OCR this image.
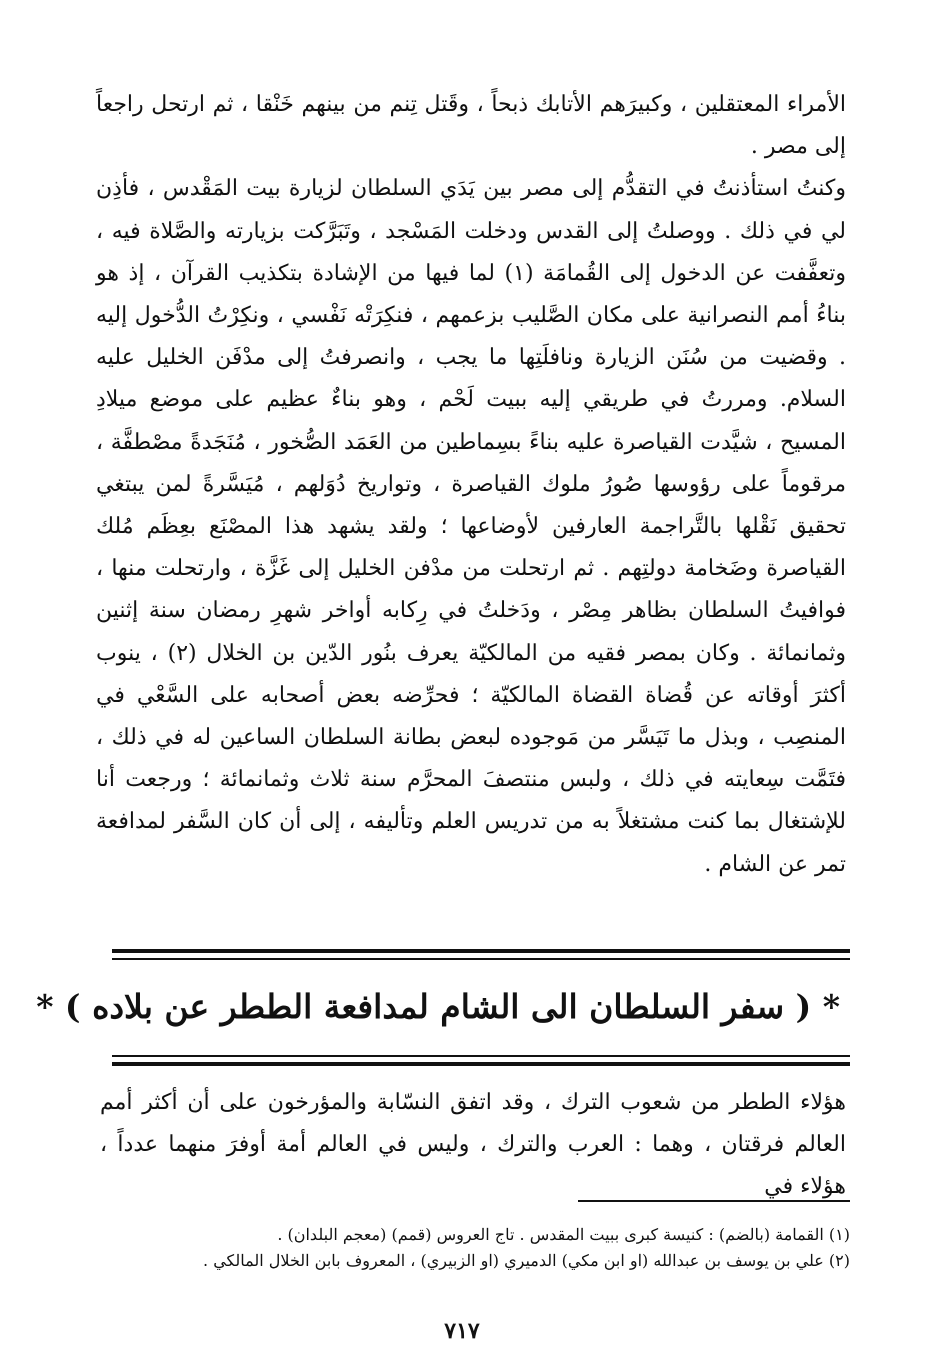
الأمراء المعتقلين ، وكبيرَهم الأتابك ذبحاً ، وقَتل تِنم من بينهم خَنْقا ، ثم ارتحل راجعاً إلى مصر .

وكنتُ استأذنتُ في التقدُّم إلى مصر بين يَدَي السلطان لزيارة بيت المَقْدس ، فأذِن لي في ذلك . ووصلتُ إلى القدس ودخلت المَسْجد ، وتَبَرَّكت بزيارته والصَّلاة فيه ، وتعفَّفت عن الدخول إلى القُمامَة (١) لما فيها من الإشادة بتكذيب القرآن ، إذ هو بناءُ أمم النصرانية على مكان الصَّليب بزعمهم ، فنكِرَتْه نَفْسي ، ونكِرْتُ الدُّخول إليه . وقضيت من سُنَن الزيارة ونافلَتِها ما يجب ، وانصرفتُ إلى مدْفَن الخليل عليه السلام. ومررتُ في طريقي إليه ببيت لَحْم ، وهو بناءٌ عظيم على موضع ميلادِ المسيح ، شيَّدت القياصرة عليه بناءً بسِماطين من العَمَد الصُّخور ، مُنَجَدةً مصْطفَّة ، مرقوماً على رؤوسها صُورُ ملوك القياصرة ، وتواريخ دُوَلهم ، مُيَسَّرةً لمن يبتغي تحقيق نَقْلها بالتَّراجمة العارفين لأوضاعها ؛ ولقد يشهد هذا المصْنَع بعِظَم مُلك القياصرة وضَخامة دولتِهم . ثم ارتحلت من مدْفن الخليل إلى غَزَّة ، وارتحلت منها ، فوافيتُ السلطان بظاهر مِصْر ، ودَخلتُ في رِكابه أواخر شهرِ رمضان سنة إثنين وثمانمائة . وكان بمصر فقيه من المالكيّة يعرف بنُور الدّين بن الخلال (٢) ، ينوب أكثرَ أوقاته عن قُضاة القضاة المالكيّة ؛ فحرِّضه بعض أصحابه على السَّعْي في المنصِب ، وبذل ما تَيَسَّر من مَوجوده لبعض بطانة السلطان الساعين له في ذلك ، فتَمَّت سِعايته في ذلك ، ولبس منتصفَ المحرَّم سنة ثلاث وثمانمائة ؛ ورجعت أنا للإشتغال بما كنت مشتغلاً به من تدريس العلم وتأليفه ، إلى أن كان السَّفر لمدافعة تمر عن الشام .

* ( سفر السلطان الى الشام لمدافعة الططر عن بلاده ) *

هؤلاء الططر من شعوب الترك ، وقد اتفق النسّابة والمؤرخون على أن أكثر أمم العالم فرقتان ، وهما : العرب والترك ، وليس في العالم أمة أوفرَ منهما عدداً ، هؤلاء في

(١) القمامة (بالضم) : كنيسة كبرى ببيت المقدس . تاج العروس (قمم) (معجم البلدان) .

(٢) علي بن يوسف بن عبدالله (او ابن مكي) الدميري (او الزبيري) ، المعروف بابن الخلال المالكي .

٧١٧
